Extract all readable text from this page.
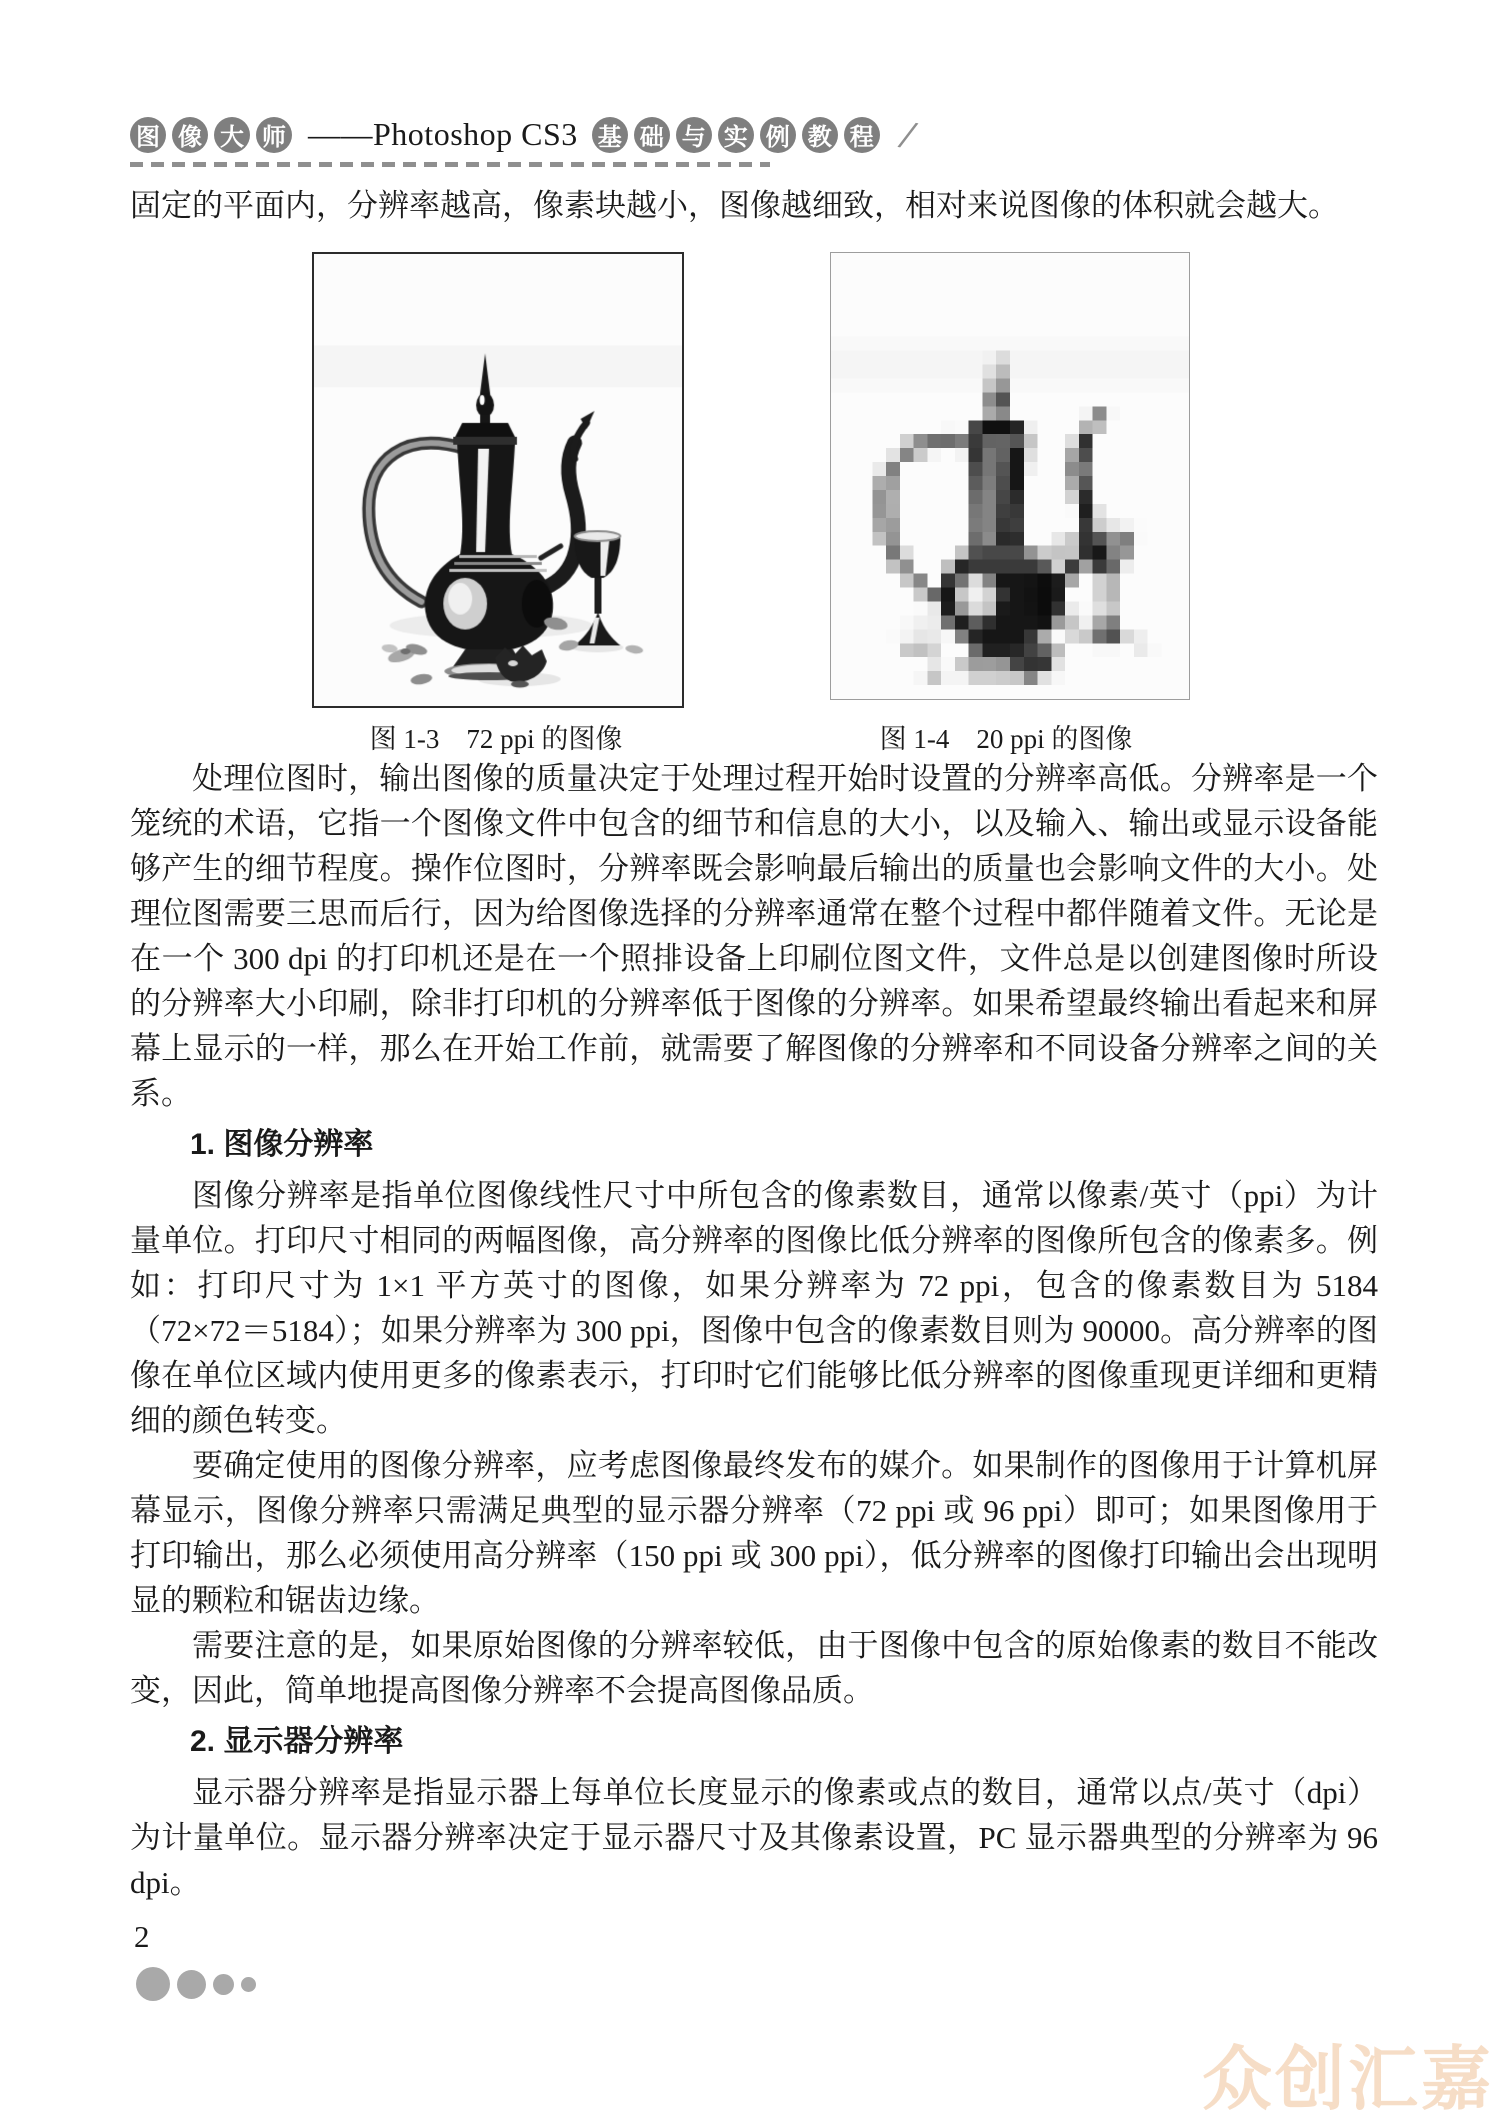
图 像 大 师 ——Photoshop CS3 基 础 与 实 例 教 程 /

固定的平面内，分辨率越高，像素块越小，图像越细致，相对来说图像的体积就会越大。

图 1-3　72 ppi 的图像	图 1-4　20 ppi 的图像

处理位图时，输出图像的质量决定于处理过程开始时设置的分辨率高低。分辨率是一个笼统的术语，它指一个图像文件中包含的细节和信息的大小，以及输入、输出或显示设备能够产生的细节程度。操作位图时，分辨率既会影响最后输出的质量也会影响文件的大小。处理位图需要三思而后行，因为给图像选择的分辨率通常在整个过程中都伴随着文件。无论是在一个 300 dpi 的打印机还是在一个照排设备上印刷位图文件，文件总是以创建图像时所设的分辨率大小印刷，除非打印机的分辨率低于图像的分辨率。如果希望最终输出看起来和屏幕上显示的一样，那么在开始工作前，就需要了解图像的分辨率和不同设备分辨率之间的关系。

1. 图像分辨率

图像分辨率是指单位图像线性尺寸中所包含的像素数目，通常以像素/英寸（ppi）为计量单位。打印尺寸相同的两幅图像，高分辨率的图像比低分辨率的图像所包含的像素多。例如：打印尺寸为 1×1 平方英寸的图像，如果分辨率为 72 ppi，包含的像素数目为 5184（72×72＝5184）；如果分辨率为 300 ppi，图像中包含的像素数目则为 90000。高分辨率的图像在单位区域内使用更多的像素表示，打印时它们能够比低分辨率的图像重现更详细和更精细的颜色转变。

要确定使用的图像分辨率，应考虑图像最终发布的媒介。如果制作的图像用于计算机屏幕显示，图像分辨率只需满足典型的显示器分辨率（72 ppi 或 96 ppi）即可；如果图像用于打印输出，那么必须使用高分辨率（150 ppi 或 300 ppi），低分辨率的图像打印输出会出现明显的颗粒和锯齿边缘。

需要注意的是，如果原始图像的分辨率较低，由于图像中包含的原始像素的数目不能改变，因此，简单地提高图像分辨率不会提高图像品质。

2. 显示器分辨率

显示器分辨率是指显示器上每单位长度显示的像素或点的数目，通常以点/英寸（dpi）为计量单位。显示器分辨率决定于显示器尺寸及其像素设置，PC 显示器典型的分辨率为 96 dpi。

2
众创汇嘉
